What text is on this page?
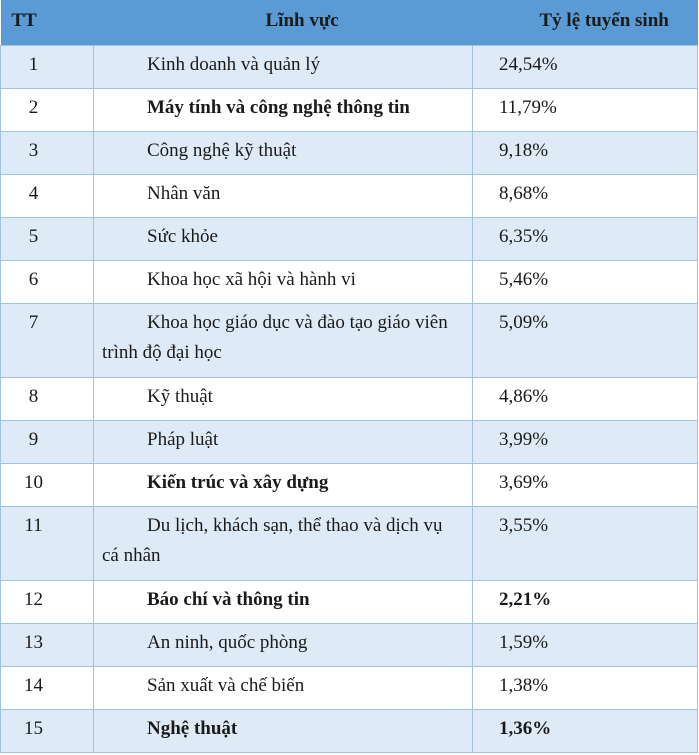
TT	Lĩnh vực	Tỷ lệ tuyển sinh
1	Kinh doanh và quản lý	24,54%
2	Máy tính và công nghệ thông tin	11,79%
3	Công nghệ kỹ thuật	9,18%
4	Nhân văn	8,68%
5	Sức khỏe	6,35%
6	Khoa học xã hội và hành vi	5,46%
7	Khoa học giáo dục và đào tạo giáo viên trình độ đại học	5,09%
8	Kỹ thuật	4,86%
9	Pháp luật	3,99%
10	Kiến trúc và xây dựng	3,69%
11	Du lịch, khách sạn, thể thao và dịch vụ cá nhân	3,55%
12	Báo chí và thông tin	2,21%
13	An ninh, quốc phòng	1,59%
14	Sản xuất và chế biến	1,38%
15	Nghệ thuật	1,36%
